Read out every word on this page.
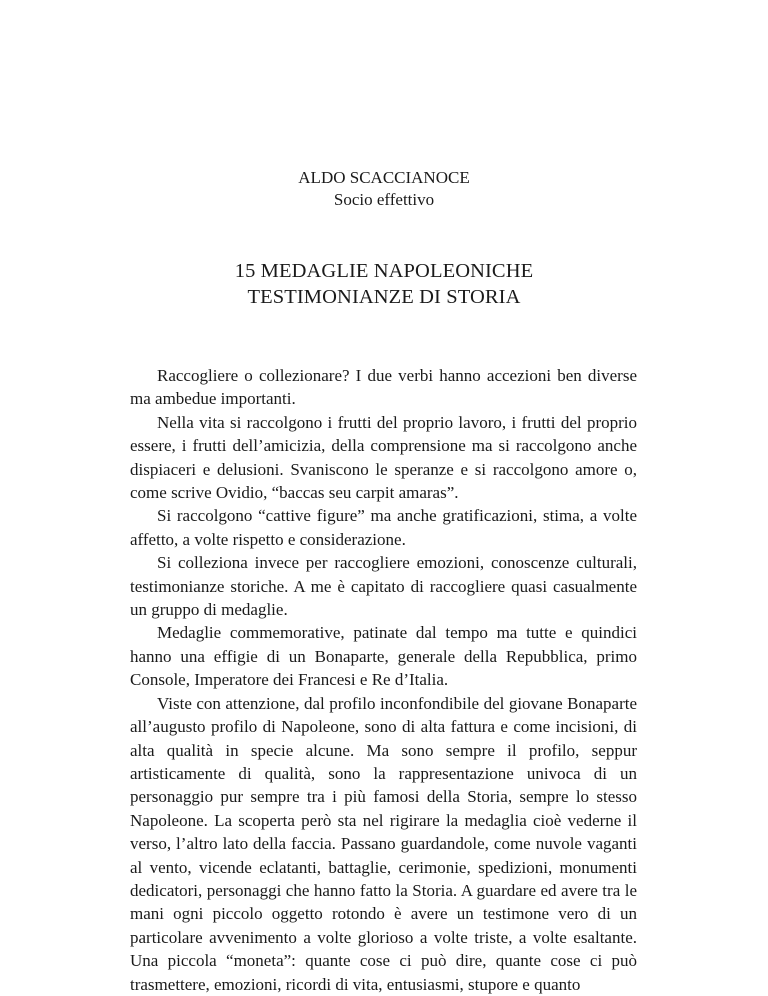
ALDO SCACCIANOCE
Socio effettivo
15 MEDAGLIE NAPOLEONICHE
TESTIMONIANZE DI STORIA

Raccogliere o collezionare? I due verbi hanno accezioni ben diverse ma ambedue importanti.

Nella vita si raccolgono i frutti del proprio lavoro, i frutti del proprio essere, i frutti dell’amicizia, della comprensione ma si raccolgono anche dispiaceri e delusioni. Svaniscono le speranze e si raccolgono amore o, come scrive Ovidio, “baccas seu carpit amaras”.

Si raccolgono “cattive figure” ma anche gratificazioni, stima, a volte affetto, a volte rispetto e considerazione.

Si colleziona invece per raccogliere emozioni, conoscenze culturali, testimonianze storiche. A me è capitato di raccogliere quasi casualmente un gruppo di medaglie.

Medaglie commemorative, patinate dal tempo ma tutte e quindici hanno una effigie di un Bonaparte, generale della Repubblica, primo Console, Imperatore dei Francesi e Re d’Italia.

Viste con attenzione, dal profilo inconfondibile del giovane Bonaparte all’augusto profilo di Napoleone, sono di alta fattura e come incisioni, di alta qualità in specie alcune. Ma sono sempre il profilo, seppur artisticamente di qualità, sono la rappresentazione univoca di un personaggio pur sempre tra i più famosi della Storia, sempre lo stesso Napoleone. La scoperta però sta nel rigirare la medaglia cioè vederne il verso, l’altro lato della faccia. Passano guardandole, come nuvole vaganti al vento, vicende eclatanti, battaglie, cerimonie, spedizioni, monumenti dedicatori, personaggi che hanno fatto la Storia. A guardare ed avere tra le mani ogni piccolo oggetto rotondo è avere un testimone vero di un particolare avvenimento a volte glorioso a volte triste, a volte esaltante. Una piccola “moneta”: quante cose ci può dire, quante cose ci può trasmettere, emozioni, ricordi di vita, entusiasmi, stupore e quanto
